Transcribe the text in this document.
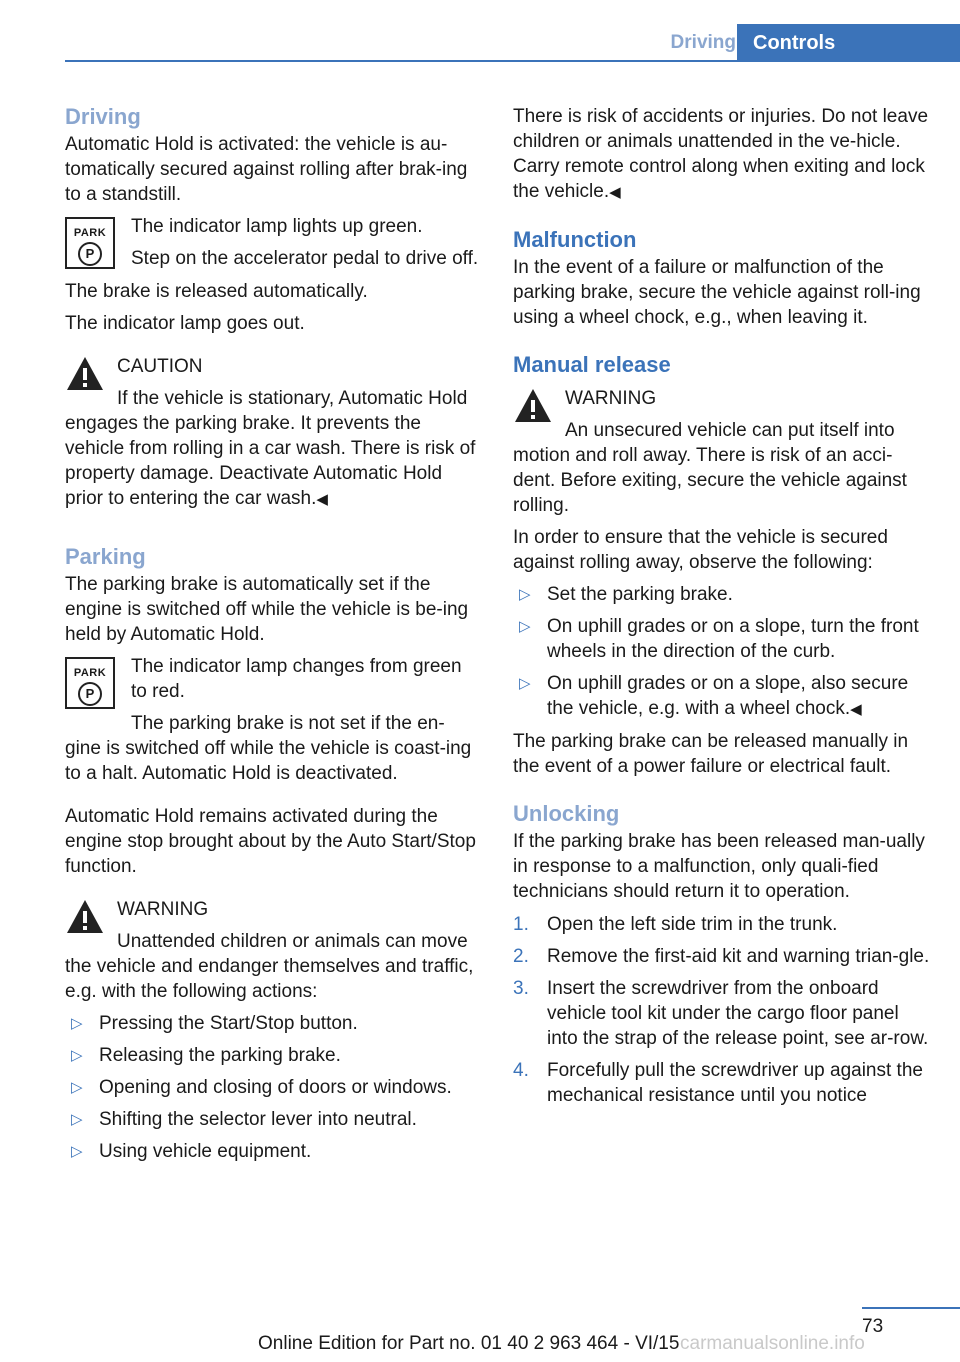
Driving Controls
Driving

Automatic Hold is activated: the vehicle is au-tomatically secured against rolling after brak-ing to a standstill.

PARK
P

The indicator lamp lights up green.

Step on the accelerator pedal to drive off.

The brake is released automatically.

The indicator lamp goes out.

CAUTION
If the vehicle is stationary, Automatic Hold engages the parking brake. It prevents the vehicle from rolling in a car wash. There is risk of property damage. Deactivate Automatic Hold prior to entering the car wash.◀
Parking

The parking brake is automatically set if the engine is switched off while the vehicle is be-ing held by Automatic Hold.

PARK
P

The indicator lamp changes from green to red.

The parking brake is not set if the en-gine is switched off while the vehicle is coast-ing to a halt. Automatic Hold is deactivated.

Automatic Hold remains activated during the engine stop brought about by the Auto Start/Stop function.

WARNING
Unattended children or animals can move the vehicle and endanger themselves and traffic, e.g. with the following actions:
▷ Pressing the Start/Stop button.
▷ Releasing the parking brake.
▷ Opening and closing of doors or windows.
▷ Shifting the selector lever into neutral.
▷ Using vehicle equipment.

There is risk of accidents or injuries. Do not leave children or animals unattended in the ve-hicle. Carry remote control along when exiting and lock the vehicle.◀

Malfunction

In the event of a failure or malfunction of the parking brake, secure the vehicle against roll-ing using a wheel chock, e.g., when leaving it.

Manual release
WARNING
An unsecured vehicle can put itself into motion and roll away. There is risk of an acci-dent. Before exiting, secure the vehicle against rolling.

In order to ensure that the vehicle is secured against rolling away, observe the following:

▷ Set the parking brake.
▷ On uphill grades or on a slope, turn the front wheels in the direction of the curb.
▷ On uphill grades or on a slope, also secure the vehicle, e.g. with a wheel chock.◀

The parking brake can be released manually in the event of a power failure or electrical fault.

Unlocking

If the parking brake has been released man-ually in response to a malfunction, only quali-fied technicians should return it to operation.

1. Open the left side trim in the trunk.
2. Remove the first-aid kit and warning trian-gle.
3. Insert the screwdriver from the onboard vehicle tool kit under the cargo floor panel into the strap of the release point, see ar-row.
4. Forcefully pull the screwdriver up against the mechanical resistance until you notice
73
Online Edition for Part no. 01 40 2 963 464 - VI/15 carmanualsonline.info
